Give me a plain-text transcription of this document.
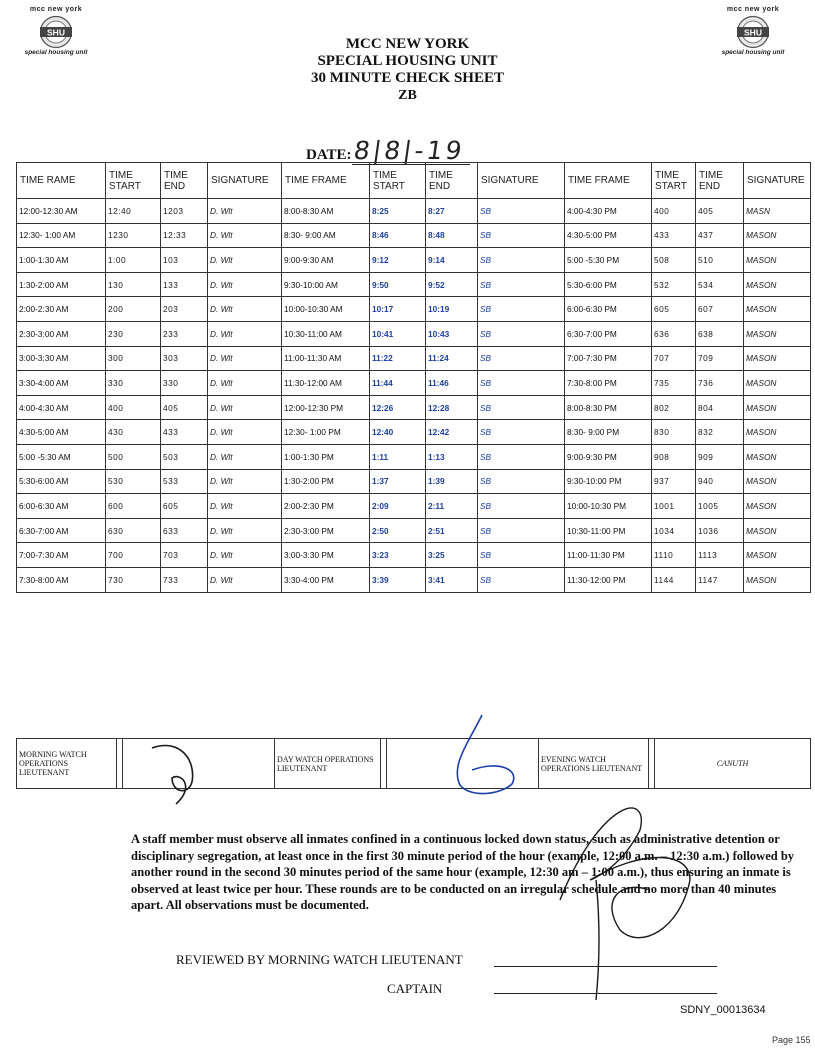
mcc new york
SHU
special housing unit
mcc new york
SHU
special housing unit
MCC NEW YORK
SPECIAL HOUSING UNIT
30 MINUTE CHECK SHEET
ZB
DATE: 8|8|-19
TIME RAME	TIME START	TIME END	SIGNATURE	TIME FRAME	TIME START	TIME END	SIGNATURE	TIME FRAME	TIME START	TIME END	SIGNATURE
12:00-12:30 AM	12:40	1203	D. Wlt	8:00-8:30 AM	8:25	8:27	SB	4:00-4:30 PM	400	405	MASN
12:30- 1:00 AM	1230	12:33	D. Wlt	8:30- 9:00 AM	8:46	8:48	SB	4:30-5:00 PM	433	437	MASON
1:00-1:30 AM	1:00	103	D. Wlt	9:00-9:30 AM	9:12	9:14	SB	5:00 -5:30 PM	508	510	MASON
1:30-2:00 AM	130	133	D. Wlt	9:30-10:00 AM	9:50	9:52	SB	5:30-6:00 PM	532	534	MASON
2:00-2:30 AM	200	203	D. Wlt	10:00-10:30 AM	10:17	10:19	SB	6:00-6:30 PM	605	607	MASON
2:30-3:00 AM	230	233	D. Wlt	10:30-11:00 AM	10:41	10:43	SB	6:30-7:00 PM	636	638	MASON
3:00-3:30 AM	300	303	D. Wlt	11:00-11:30 AM	11:22	11:24	SB	7:00-7:30 PM	707	709	MASON
3:30-4:00 AM	330	330	D. Wlt	11:30-12:00 AM	11:44	11:46	SB	7:30-8:00 PM	735	736	MASON
4:00-4:30 AM	400	405	D. Wlt	12:00-12:30 PM	12:26	12:28	SB	8:00-8:30 PM	802	804	MASON
4:30-5:00 AM	430	433	D. Wlt	12:30- 1:00 PM	12:40	12:42	SB	8:30- 9:00 PM	830	832	MASON
5:00 -5:30 AM	500	503	D. Wlt	1:00-1:30 PM	1:11	1:13	SB	9:00-9:30 PM	908	909	MASON
5:30-6:00 AM	530	533	D. Wlt	1:30-2:00 PM	1:37	1:39	SB	9:30-10:00 PM	937	940	MASON
6:00-6:30 AM	600	605	D. Wlt	2:00-2:30 PM	2:09	2:11	SB	10:00-10:30 PM	1001	1005	MASON
6:30-7:00 AM	630	633	D. Wlt	2:30-3:00 PM	2:50	2:51	SB	10:30-11:00 PM	1034	1036	MASON
7:00-7:30 AM	700	703	D. Wlt	3:00-3:30 PM	3:23	3:25	SB	11:00-11:30 PM	1110	1113	MASON
7:30-8:00 AM	730	733	D. Wlt	3:30-4:00 PM	3:39	3:41	SB	11:30-12:00 PM	1144	1147	MASON
MORNING WATCH OPERATIONS LIEUTENANT			DAY WATCH OPERATIONS LIEUTENANT			EVENING WATCH OPERATIONS LIEUTENANT		CANUTH
A staff member must observe all inmates confined in a continuous locked down status, such as administrative detention or disciplinary segregation, at least once in the first 30 minute period of the hour (example, 12:00 a.m. – 12:30 a.m.) followed by another round in the second 30 minutes period of the same hour (example, 12:30 am – 1:00 a.m.), thus ensuring an inmate is observed at least twice per hour. These rounds are to be conducted on an irregular schedule and no more than 40 minutes apart. All observations must be documented.
REVIEWED BY MORNING WATCH LIEUTENANT
CAPTAIN
SDNY_00013634
Page 155
